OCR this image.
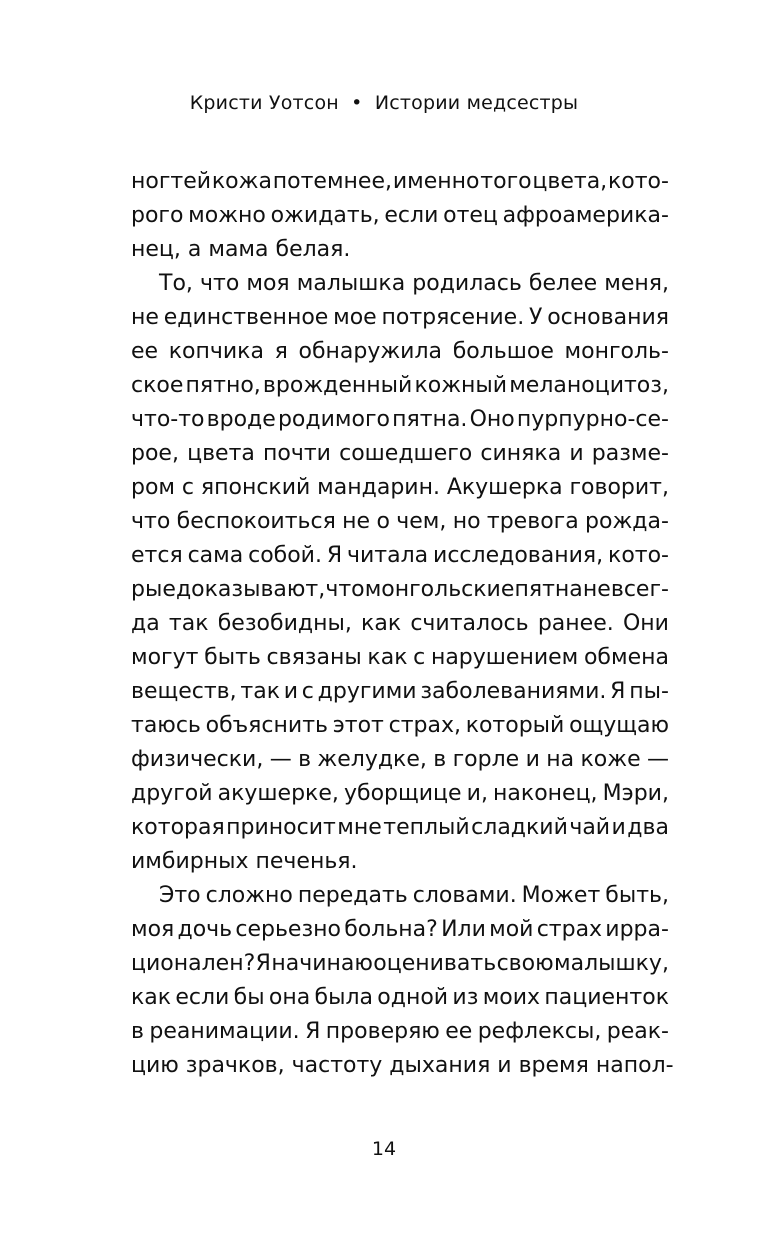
Кристи Уотсон • Истории медсестры
ногтей кожа потемнее, именно того цвета, кото-
рого можно ожидать, если отец афроамерика-
нец, а мама белая.
То, что моя малышка родилась белее меня,
не единственное мое потрясение. У основания
ее копчика я обнаружила большое монголь-
ское пятно, врожденный кожный меланоцитоз,
что-то вроде родимого пятна. Оно пурпурно-се-
рое, цвета почти сошедшего синяка и разме-
ром с японский мандарин. Акушерка говорит,
что беспокоиться не о чем, но тревога рожда-
ется сама собой. Я читала исследования, кото-
рые доказывают, что монгольские пятна не всег-
да так безобидны, как считалось ранее. Они
могут быть связаны как с нарушением обмена
веществ, так и с другими заболеваниями. Я пы-
таюсь объяснить этот страх, который ощущаю
физически, — в желудке, в горле и на коже —
другой акушерке, уборщице и, наконец, Мэри,
которая приносит мне теплый сладкий чай и два
имбирных печенья.
Это сложно передать словами. Может быть,
моя дочь серьезно больна? Или мой страх ирра-
ционален? Я начинаю оценивать свою малышку,
как если бы она была одной из моих пациенток
в реанимации. Я проверяю ее рефлексы, реак-
цию зрачков, частоту дыхания и время напол-
14
